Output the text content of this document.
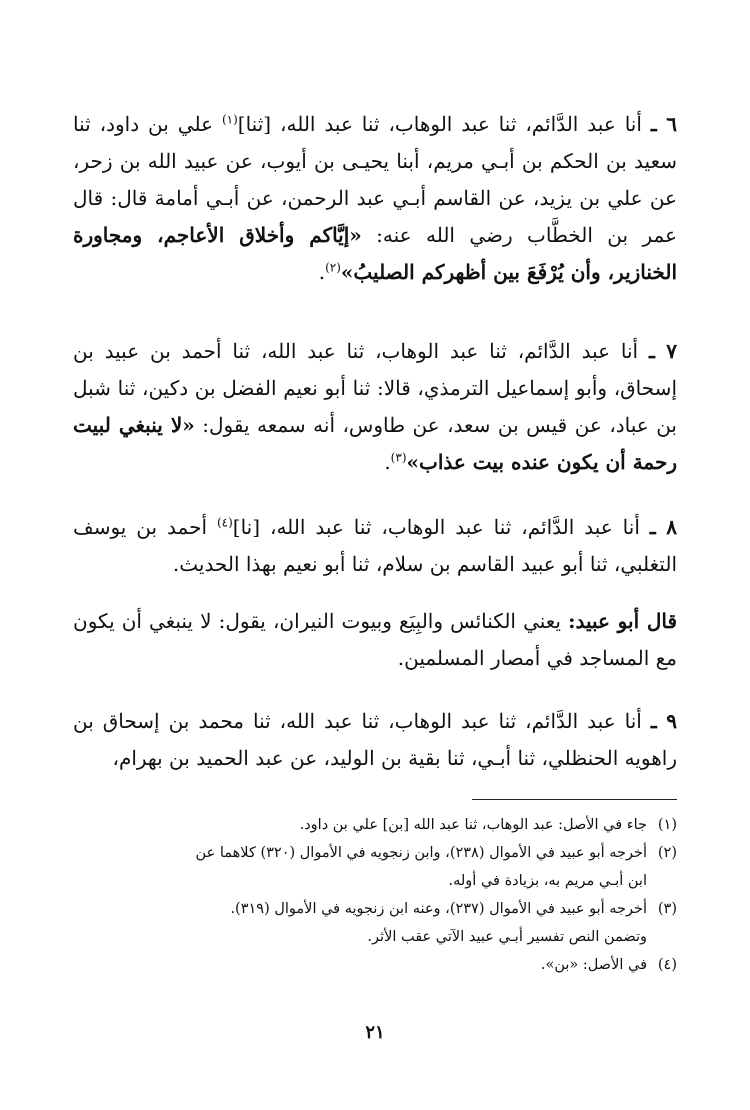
٦ ـ أنا عبد الدَّائم، ثنا عبد الوهاب، ثنا عبد الله، [ثنا]$^{(١)}$ علي بن داود، ثنا سعيد بن الحكم بن أبـي مريم، أبنا يحيـى بن أيوب، عن عبيد الله بن زحر، عن علي بن يزيد، عن القاسم أبـي عبد الرحمن، عن أبـي أمامة قال: قال عمر بن الخطَّاب رضي الله عنه: «إيَّاكم وأخلاق الأعاجم، ومجاورة الخنازير، وأن يُرْفَعَ بين أظهركم الصليبُ»$^{(٢)}$.

٧ ـ أنا عبد الدَّائم، ثنا عبد الوهاب، ثنا عبد الله، ثنا أحمد بن عبيد بن إسحاق، وأبو إسماعيل الترمذي، قالا: ثنا أبو نعيم الفضل بن دكين، ثنا شبل بن عباد، عن قيس بن سعد، عن طاوس، أنه سمعه يقول: «لا ينبغي لبيت رحمة أن يكون عنده بيت عذاب»$^{(٣)}$.

٨ ـ أنا عبد الدَّائم، ثنا عبد الوهاب، ثنا عبد الله، [نا]$^{(٤)}$ أحمد بن يوسف التغلبي، ثنا أبو عبيد القاسم بن سلام، ثنا أبو نعيم بهذا الحديث.

قال أبو عبيد: يعني الكنائس والبِيَع وبيوت النيران، يقول: لا ينبغي أن يكون مع المساجد في أمصار المسلمين.

٩ ـ أنا عبد الدَّائم، ثنا عبد الوهاب، ثنا عبد الله، ثنا محمد بن إسحاق بن راهويه الحنظلي، ثنا أبـي، ثنا بقية بن الوليد، عن عبد الحميد بن بهرام،

(١)جاء في الأصل: عبد الوهاب، ثنا عبد الله [بن] علي بن داود.

(٢)أخرجه أبو عبيد في الأموال (٢٣٨)، وابن زنجويه في الأموال (٣٢٠) كلاهما عن

ابن أبـي مريم به، بزيادة في أوله.

(٣)أخرجه أبو عبيد في الأموال (٢٣٧)، وعنه ابن زنجويه في الأموال (٣١٩).

وتضمن النص تفسير أبـي عبيد الآتي عقب الأثر.

(٤)في الأصل: «بن».

٢١
